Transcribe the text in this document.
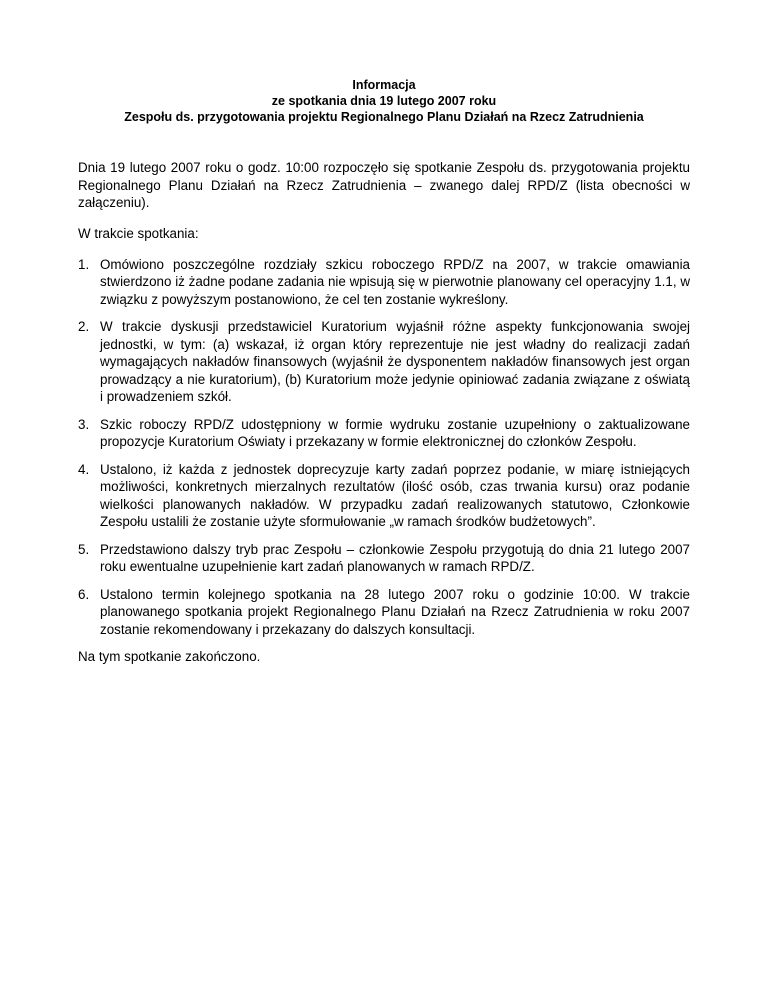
Informacja
ze spotkania dnia 19 lutego 2007 roku
Zespołu ds. przygotowania projektu Regionalnego Planu Działań na Rzecz Zatrudnienia

Dnia 19 lutego 2007 roku o godz. 10:00 rozpoczęło się spotkanie Zespołu ds. przygotowania projektu Regionalnego Planu Działań na Rzecz Zatrudnienia – zwanego dalej RPD/Z (lista obecności w załączeniu).

W trakcie spotkania:

1. Omówiono poszczególne rozdziały szkicu roboczego RPD/Z na 2007, w trakcie omawiania stwierdzono iż żadne podane zadania nie wpisują się w pierwotnie planowany cel operacyjny 1.1, w związku z powyższym postanowiono, że cel ten zostanie wykreślony.
2. W trakcie dyskusji przedstawiciel Kuratorium wyjaśnił różne aspekty funkcjonowania swojej jednostki, w tym: (a) wskazał, iż organ który reprezentuje nie jest władny do realizacji zadań wymagających nakładów finansowych (wyjaśnił że dysponentem nakładów finansowych jest organ prowadzący a nie kuratorium), (b) Kuratorium może jedynie opiniować zadania związane z oświatą i prowadzeniem szkół.
3. Szkic roboczy RPD/Z udostępniony w formie wydruku zostanie uzupełniony o zaktualizowane propozycje Kuratorium Oświaty i przekazany w formie elektronicznej do członków Zespołu.
4. Ustalono, iż każda z jednostek doprecyzuje karty zadań poprzez podanie, w miarę istniejących możliwości, konkretnych mierzalnych rezultatów (ilość osób, czas trwania kursu) oraz podanie wielkości planowanych nakładów. W przypadku zadań realizowanych statutowo, Członkowie Zespołu ustalili że zostanie użyte sformułowanie „w ramach środków budżetowych”.
5. Przedstawiono dalszy tryb prac Zespołu – członkowie Zespołu przygotują do dnia 21 lutego 2007 roku ewentualne uzupełnienie kart zadań planowanych w ramach RPD/Z.
6. Ustalono termin kolejnego spotkania na 28 lutego 2007 roku o godzinie 10:00. W trakcie planowanego spotkania projekt Regionalnego Planu Działań na Rzecz Zatrudnienia w roku 2007 zostanie rekomendowany i przekazany do dalszych konsultacji.

Na tym spotkanie zakończono.
